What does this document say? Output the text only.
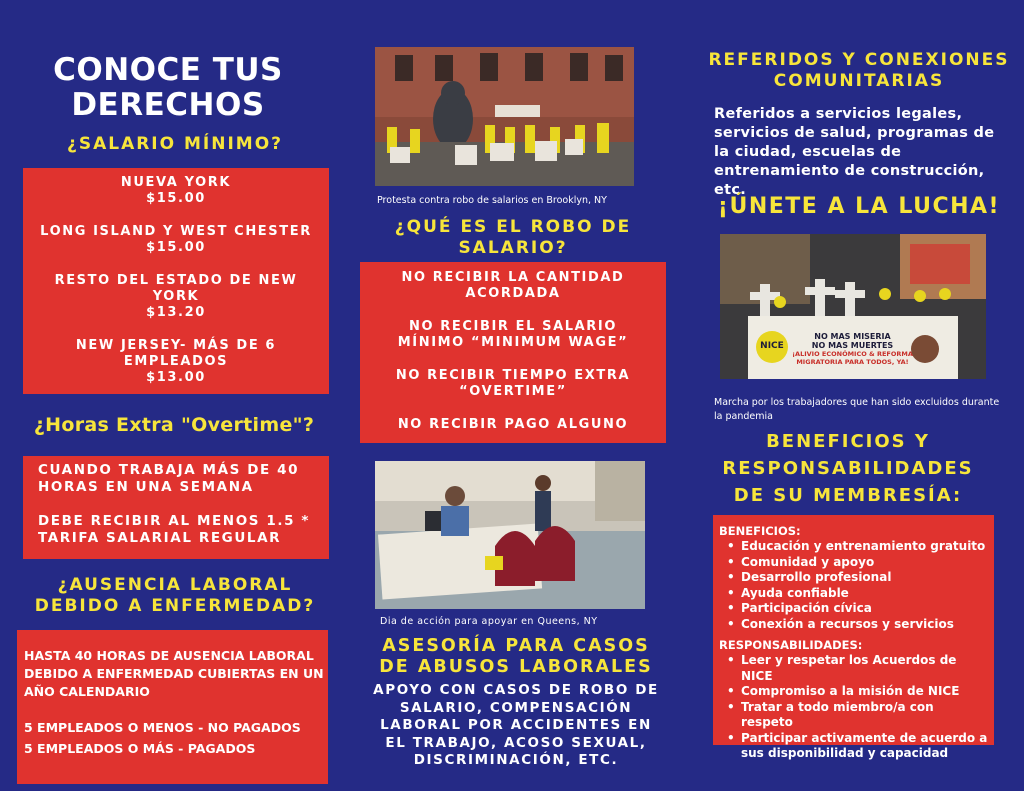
CONOCE TUS
DERECHOS
¿SALARIO MÍNIMO?
NUEVA YORK
$15.00
LONG ISLAND Y WEST CHESTER
$15.00
RESTO DEL ESTADO DE NEW YORK
$13.20
NEW JERSEY- MÁS DE 6 EMPLEADOS
$13.00
¿Horas Extra "Overtime"?
CUANDO TRABAJA MÁS DE 40 HORAS EN UNA SEMANA
DEBE RECIBIR AL MENOS 1.5 * TARIFA SALARIAL REGULAR
¿AUSENCIA LABORAL
DEBIDO A ENFERMEDAD?
HASTA 40 HORAS DE AUSENCIA LABORAL DEBIDO A ENFERMEDAD CUBIERTAS EN UN AÑO CALENDARIO
5 EMPLEADOS O MENOS - NO PAGADOS
5 EMPLEADOS O MÁS - PAGADOS
Protesta contra robo de salarios en Brooklyn, NY
¿QUÉ ES EL ROBO DE
SALARIO?
NO RECIBIR LA CANTIDAD ACORDADA
NO RECIBIR EL SALARIO MÍNIMO “MINIMUM WAGE”
NO RECIBIR TIEMPO EXTRA “OVERTIME”
NO RECIBIR PAGO ALGUNO
Dia de acción para apoyar en Queens, NY
ASESORÍA PARA CASOS
DE ABUSOS LABORALES
APOYO CON CASOS DE ROBO DE SALARIO, COMPENSACIÓN LABORAL POR ACCIDENTES EN EL TRABAJO, ACOSO SEXUAL, DISCRIMINACIÓN, ETC.
REFERIDOS Y CONEXIONES
COMUNITARIAS
Referidos a servicios legales, servicios de salud, programas de la ciudad, escuelas de entrenamiento de construcción, etc.
¡ÚNETE A LA LUCHA!
NO MAS MISERIA
NO MAS MUERTES
¡ALIVIO ECONÓMICO & REFORMA MIGRATORIA PARA TODOS, YA!
NICE
Marcha por los trabajadores que han sido excluidos durante la pandemia
BENEFICIOS Y
RESPONSABILIDADES
DE SU MEMBRESÍA:
BENEFICIOS:
• Educación y entrenamiento gratuito
• Comunidad y apoyo
• Desarrollo profesional
• Ayuda confiable
• Participación cívica
• Conexión a recursos y servicios
RESPONSABILIDADES:
• Leer y respetar los Acuerdos de NICE
• Compromiso a la misión de NICE
• Tratar a todo miembro/a con respeto
• Participar activamente de acuerdo a sus disponibilidad y capacidad
